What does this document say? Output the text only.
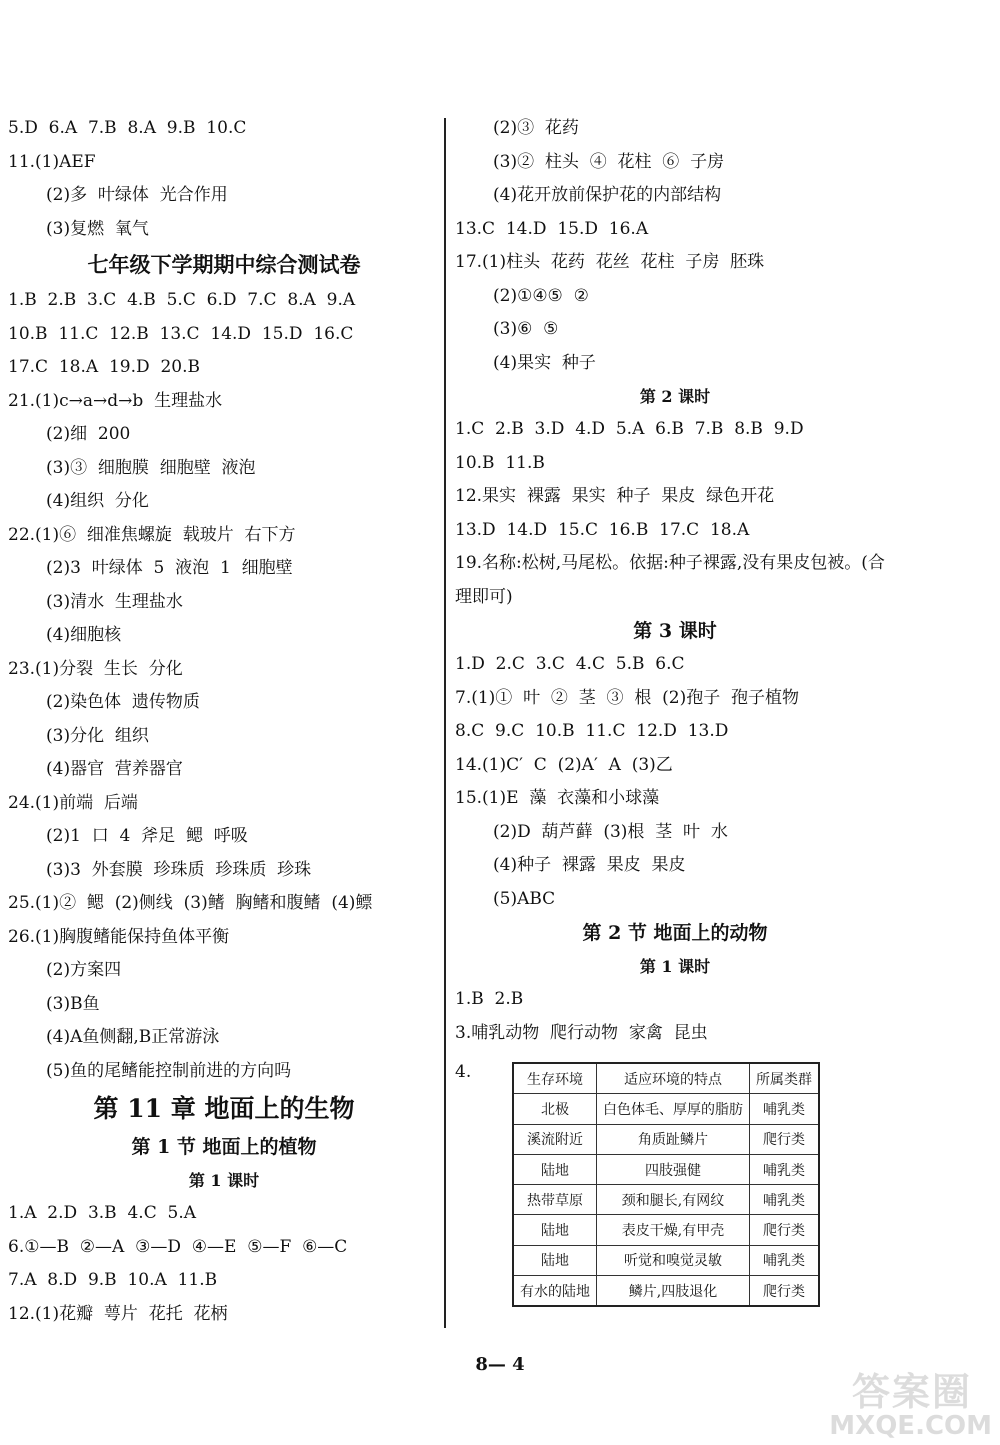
5.D  6.A  7.B  8.A  9.B  10.C
11.(1)AEF
(2)多  叶绿体  光合作用
(3)复燃  氧气
七年级下学期期中综合测试卷
1.B  2.B  3.C  4.B  5.C  6.D  7.C  8.A  9.A
10.B  11.C  12.B  13.C  14.D  15.D  16.C
17.C  18.A  19.D  20.B
21.(1)c→a→d→b  生理盐水
(2)细  200
(3)③  细胞膜  细胞壁  液泡
(4)组织  分化
22.(1)⑥  细准焦螺旋  载玻片  右下方
(2)3  叶绿体  5  液泡  1  细胞壁
(3)清水  生理盐水
(4)细胞核
23.(1)分裂  生长  分化
(2)染色体  遗传物质
(3)分化  组织
(4)器官  营养器官
24.(1)前端  后端
(2)1  口  4  斧足  鳃  呼吸
(3)3  外套膜  珍珠质  珍珠质  珍珠
25.(1)②  鳃  (2)侧线  (3)鳍  胸鳍和腹鳍  (4)鳔
26.(1)胸腹鳍能保持鱼体平衡
(2)方案四
(3)B鱼
(4)A鱼侧翻,B正常游泳
(5)鱼的尾鳍能控制前进的方向吗
第 11 章 地面上的生物
第 1 节 地面上的植物
第 1 课时
1.A  2.D  3.B  4.C  5.A
6.①—B  ②—A  ③—D  ④—E  ⑤—F  ⑥—C
7.A  8.D  9.B  10.A  11.B
12.(1)花瓣  萼片  花托  花柄
(2)③  花药
(3)②  柱头  ④  花柱  ⑥  子房
(4)花开放前保护花的内部结构
13.C  14.D  15.D  16.A
17.(1)柱头  花药  花丝  花柱  子房  胚珠
(2)①④⑤  ②
(3)⑥  ⑤
(4)果实  种子
第 2 课时
1.C  2.B  3.D  4.D  5.A  6.B  7.B  8.B  9.D
10.B  11.B
12.果实  裸露  果实  种子  果皮  绿色开花
13.D  14.D  15.C  16.B  17.C  18.A
19.名称:松树,马尾松。依据:种子裸露,没有果皮包被。(合理即可)
第 3 课时
1.D  2.C  3.C  4.C  5.B  6.C
7.(1)①  叶  ②  茎  ③  根  (2)孢子  孢子植物
8.C  9.C  10.B  11.C  12.D  13.D
14.(1)C′  C  (2)A′  A  (3)乙
15.(1)E  藻  衣藻和小球藻
(2)D  葫芦藓  (3)根  茎  叶  水
(4)种子  裸露  果皮  果皮
(5)ABC
第 2 节 地面上的动物
第 1 课时
1.B  2.B
3.哺乳动物  爬行动物  家禽  昆虫
4.	生存环境	适应环境的特点	所属类群
北极	白色体毛、厚厚的脂肪	哺乳类
溪流附近	角质趾鳞片	爬行类
陆地	四肢强健	哺乳类
热带草原	颈和腿长,有网纹	哺乳类
陆地	表皮干燥,有甲壳	爬行类
陆地	听觉和嗅觉灵敏	哺乳类
有水的陆地	鳞片,四肢退化	爬行类
8— 4
答案圈
MXQE.COM
